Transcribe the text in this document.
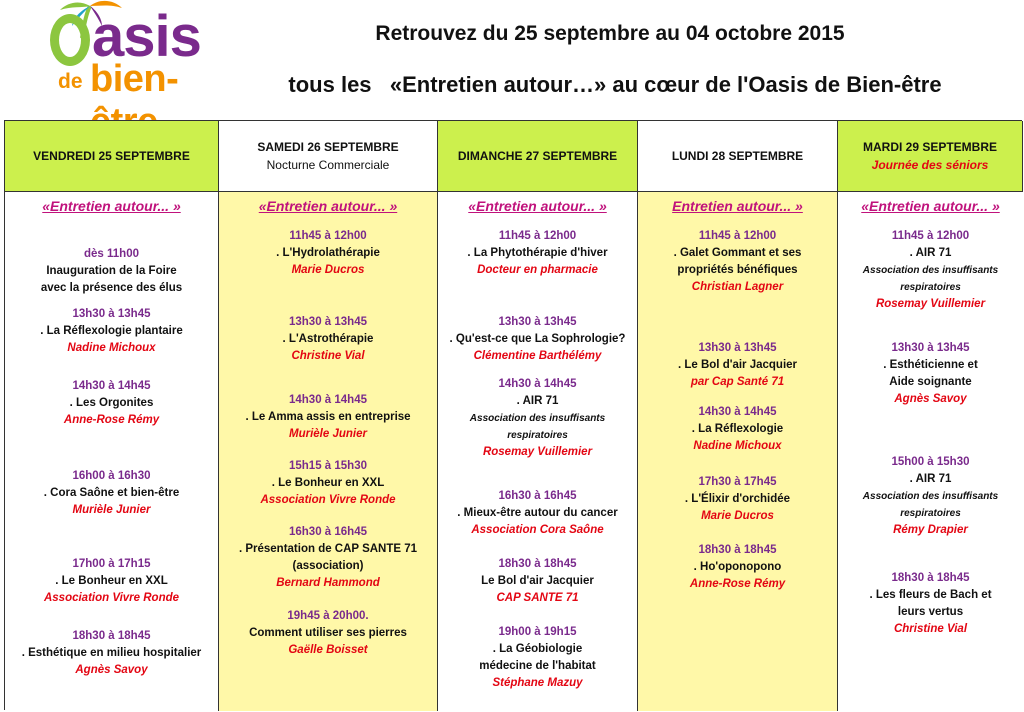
asis
de bien-
Retrouvez du 25 septembre au 04 octobre 2015
tous les   «Entretien autour…» au cœur de l'Oasis de Bien-être
VENDREDI 25 SEPTEMBRE
SAMEDI 26 SEPTEMBRE
Nocturne Commerciale
DIMANCHE 27 SEPTEMBRE	LUNDI 28 SEPTEMBRE
MARDI 29 SEPTEMBRE
Journée des séniors
«Entretien autour... »
dès 11h00
Inauguration de la Foire
avec la présence des élus
13h30 à 13h45
. La Réflexologie plantaire
Nadine Michoux
14h30 à 14h45
. Les Orgonites
Anne-Rose Rémy
16h00 à 16h30
. Cora Saône et bien-être
Murièle Junier
17h00 à 17h15
. Le Bonheur en XXL
Association Vivre Ronde
18h30 à 18h45
. Esthétique en milieu hospitalier
Agnès Savoy
«Entretien autour... »
11h45 à 12h00
. L'Hydrolathérapie
Marie Ducros
13h30 à 13h45
. L'Astrothérapie
Christine Vial
14h30 à 14h45
. Le Amma assis en entreprise
Murièle Junier
15h15 à 15h30
. Le Bonheur en XXL
Association Vivre Ronde
16h30 à 16h45
. Présentation de CAP SANTE 71
(association)
Bernard Hammond
19h45 à 20h00.
Comment utiliser ses pierres
Gaëlle Boisset
«Entretien autour... »
11h45 à 12h00
. La Phytothérapie d'hiver
Docteur en pharmacie
13h30 à 13h45
. Qu'est-ce que La Sophrologie?
Clémentine Barthélémy
14h30 à 14h45
. AIR 71
Association des insuffisants
respiratoires
Rosemay Vuillemier
16h30 à 16h45
. Mieux-être autour du cancer
Association Cora Saône
18h30 à 18h45
Le Bol d'air Jacquier
CAP SANTE 71
19h00 à 19h15
. La Géobiologie
médecine de l'habitat
Stéphane Mazuy
Entretien autour... »
11h45 à 12h00
. Galet Gommant et ses
propriétés bénéfiques
Christian Lagner
13h30 à 13h45
. Le Bol d'air Jacquier
par Cap Santé 71
14h30 à 14h45
. La Réflexologie
Nadine Michoux
17h30 à 17h45
. L'Élixir d'orchidée
Marie Ducros
18h30 à 18h45
. Ho'oponopono
Anne-Rose Rémy
«Entretien autour... »
11h45 à 12h00
. AIR 71
Association des insuffisants
respiratoires
Rosemay Vuillemier
13h30 à 13h45
. Esthéticienne et
Aide soignante
Agnès Savoy
15h00 à 15h30
. AIR 71
Association des insuffisants
respiratoires
Rémy Drapier
18h30 à 18h45
. Les fleurs de Bach et
leurs vertus
Christine Vial
